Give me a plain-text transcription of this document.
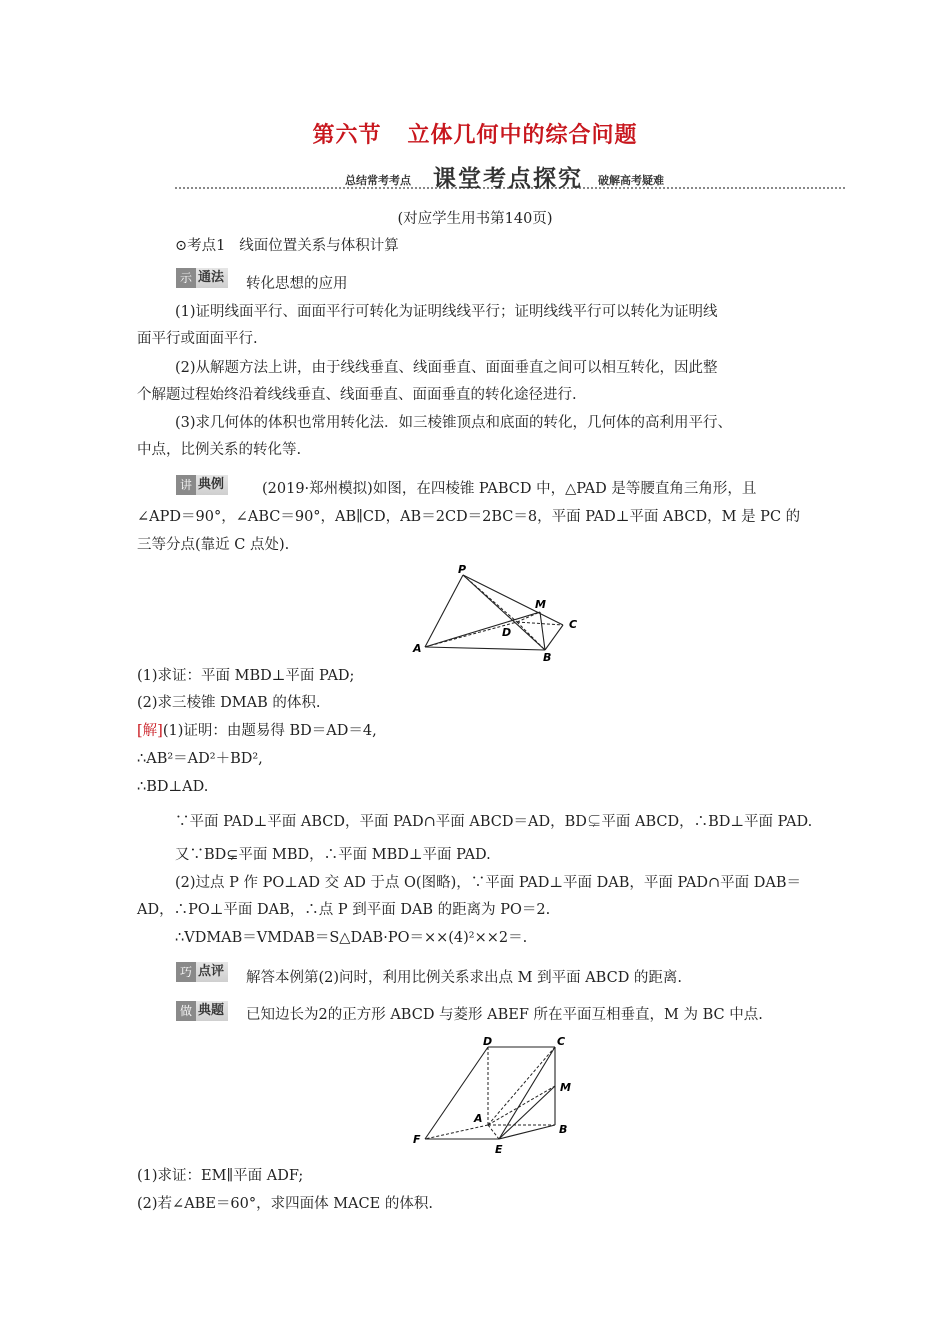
第六节 立体几何中的综合问题
总结常考考点 课堂考点探究 破解高考疑难
(对应学生用书第140页)
⊙考点1 线面位置关系与体积计算
示 通法 转化思想的应用
(1)证明线面平行、面面平行可转化为证明线线平行；证明线线平行可以转化为证明线
面平行或面面平行.
(2)从解题方法上讲，由于线线垂直、线面垂直、面面垂直之间可以相互转化，因此整
个解题过程始终沿着线线垂直、线面垂直、面面垂直的转化途径进行.
(3)求几何体的体积也常用转化法．如三棱锥顶点和底面的转化，几何体的高利用平行、
中点，比例关系的转化等.
讲 典例	(2019·郑州模拟)如图，在四棱锥 PABCD 中，△PAD 是等腰直角三角形，且
∠APD＝90°，∠ABC＝90°，AB∥CD，AB＝2CD＝2BC＝8，平面 PAD⊥平面 ABCD，M 是 PC 的
三等分点(靠近 C 点处).
P
M
D
C
A
B
(1)求证：平面 MBD⊥平面 PAD;
(2)求三棱锥 DMAB 的体积.
[解](1)证明：由题易得 BD＝AD＝4,
∴AB²＝AD²＋BD²,
∴BD⊥AD.
∵平面 PAD⊥平面 ABCD，平面 PAD∩平面 ABCD＝AD，BD⊊平面 ABCD，∴BD⊥平面 PAD.
又∵BD⊊平面 MBD，∴平面 MBD⊥平面 PAD.
(2)过点 P 作 PO⊥AD 交 AD 于点 O(图略)，∵平面 PAD⊥平面 DAB，平面 PAD∩平面 DAB＝
AD，∴PO⊥平面 DAB，∴点 P 到平面 DAB 的距离为 PO＝2.
∴VDMAB＝VMDAB＝S△DAB·PO＝××(4)²××2＝.
巧 点评 解答本例第(2)问时，利用比例关系求出点 M 到平面 ABCD 的距离.
做 典题 已知边长为2的正方形 ABCD 与菱形 ABEF 所在平面互相垂直，M 为 BC 中点.
D	C
M
A
B
F
E
(1)求证：EM∥平面 ADF;
(2)若∠ABE＝60°，求四面体 MACE 的体积.
